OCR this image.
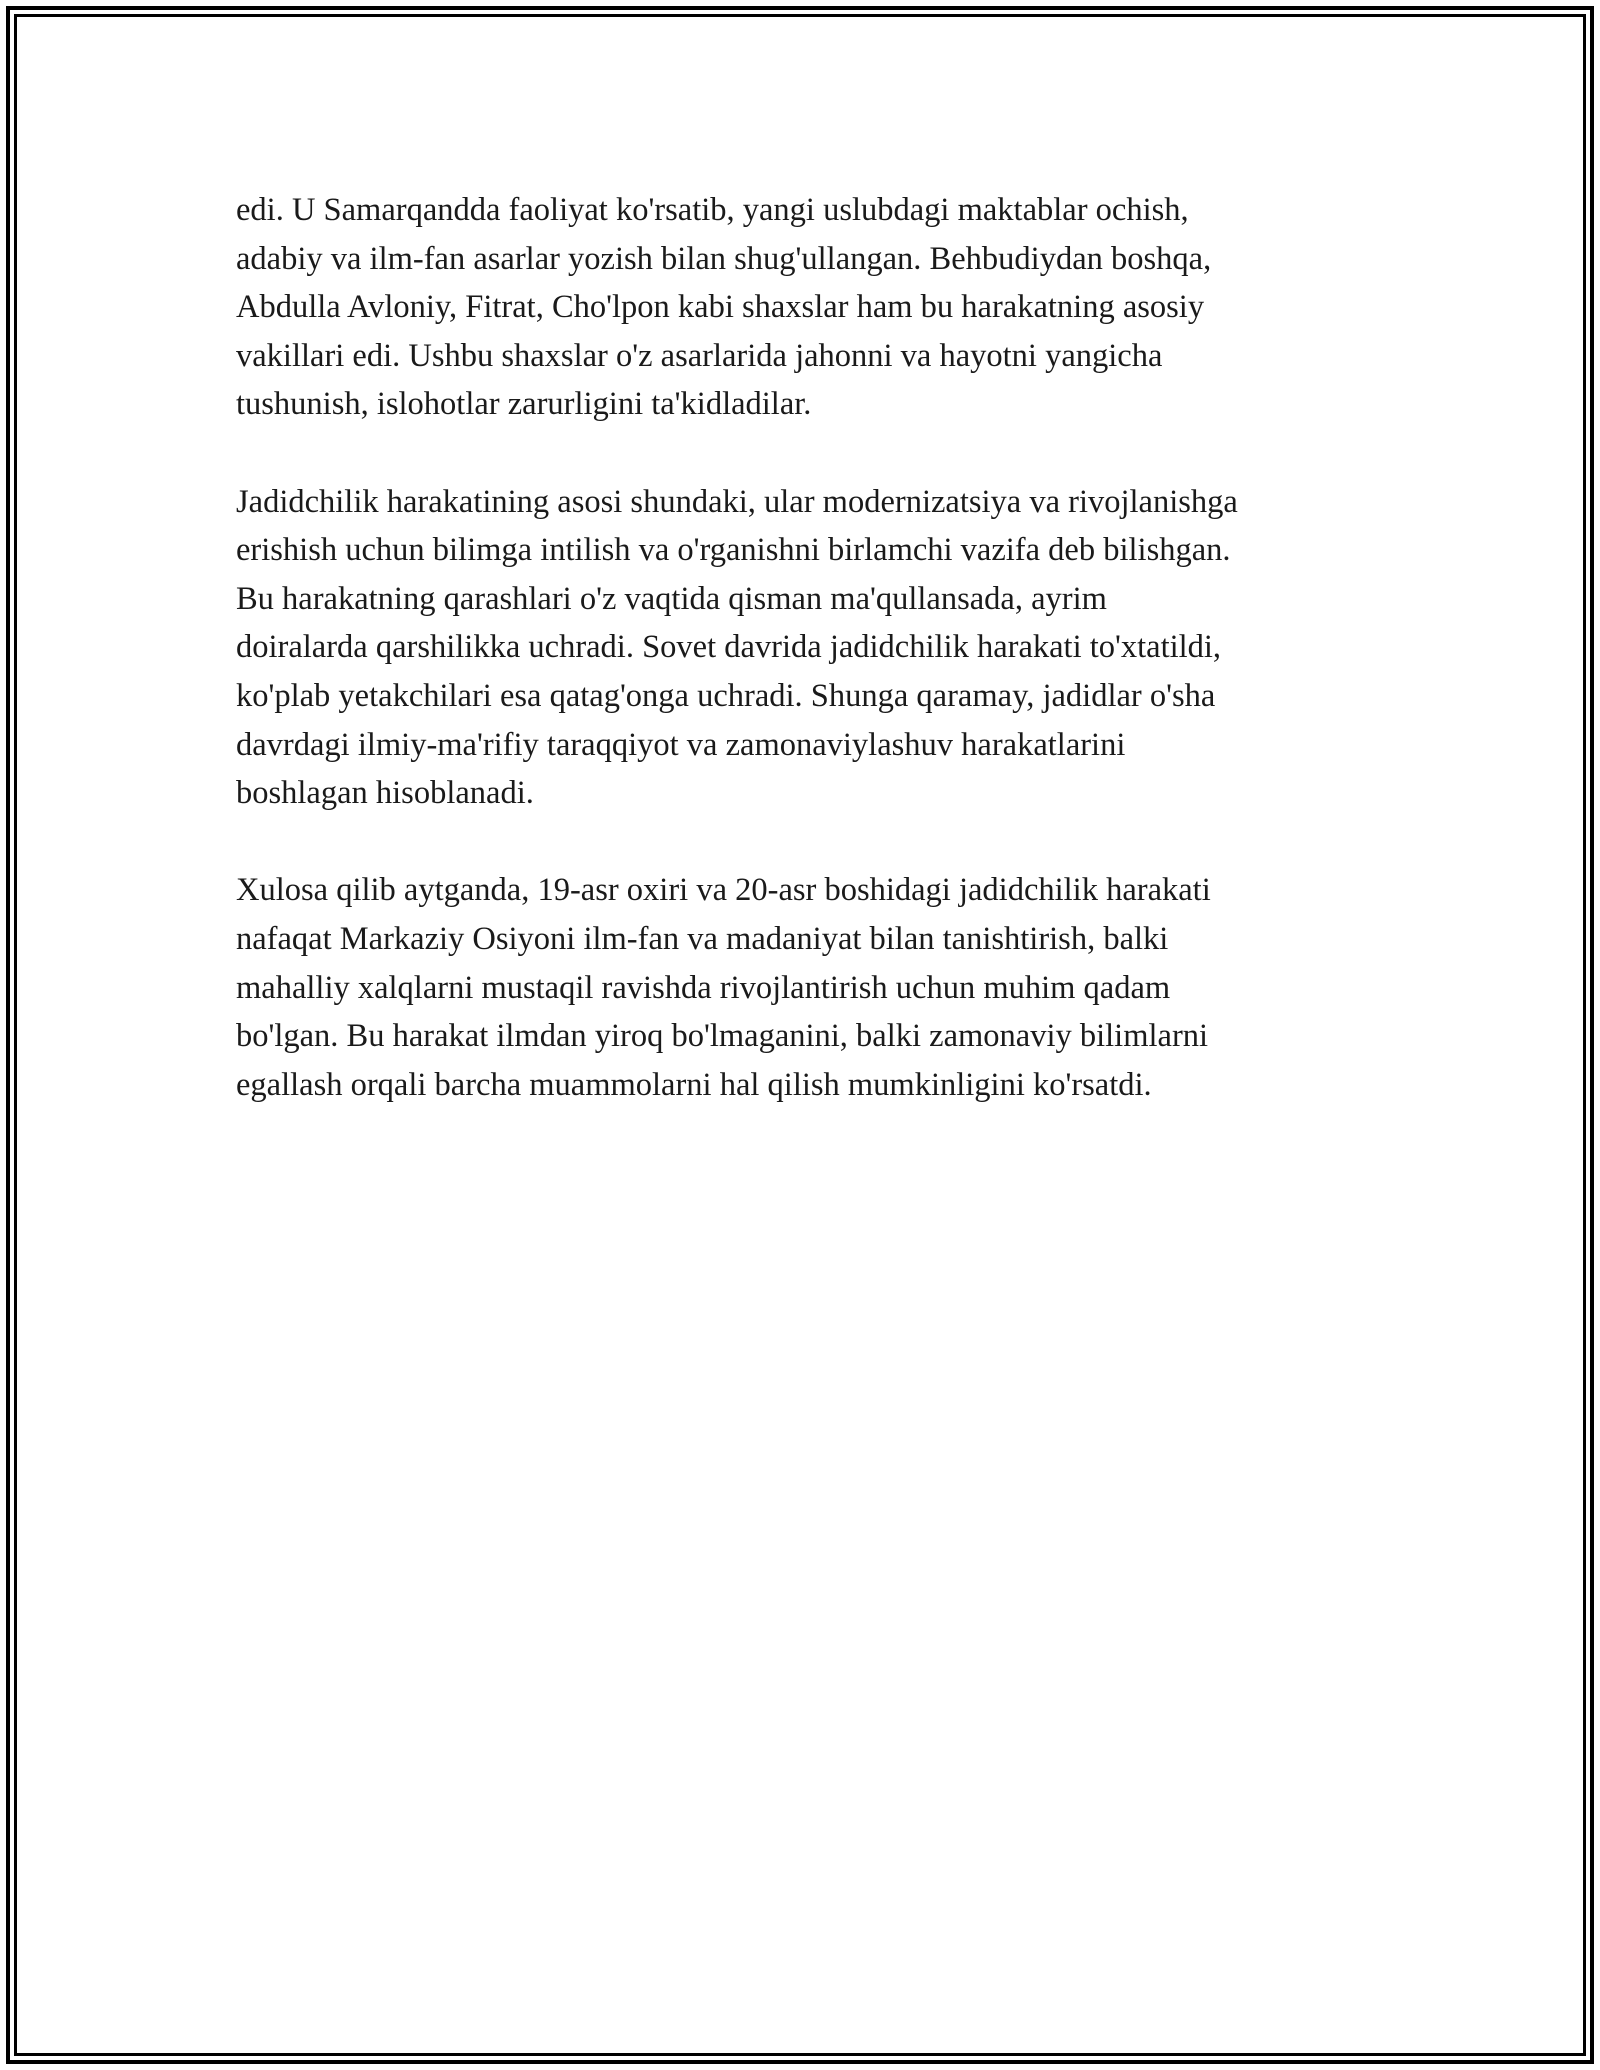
edi. U Samarqandda faoliyat ko'rsatib, yangi uslubdagi maktablar ochish,
adabiy va ilm-fan asarlar yozish bilan shug'ullangan. Behbudiydan boshqa,
Abdulla Avloniy, Fitrat, Cho'lpon kabi shaxslar ham bu harakatning asosiy
vakillari edi. Ushbu shaxslar o'z asarlarida jahonni va hayotni yangicha
tushunish, islohotlar zarurligini ta'kidladilar.

Jadidchilik harakatining asosi shundaki, ular modernizatsiya va rivojlanishga
erishish uchun bilimga intilish va o'rganishni birlamchi vazifa deb bilishgan.
Bu harakatning qarashlari o'z vaqtida qisman ma'qullansada, ayrim
doiralarda qarshilikka uchradi. Sovet davrida jadidchilik harakati to'xtatildi,
ko'plab yetakchilari esa qatag'onga uchradi. Shunga qaramay, jadidlar o'sha
davrdagi ilmiy-ma'rifiy taraqqiyot va zamonaviylashuv harakatlarini
boshlagan hisoblanadi.

Xulosa qilib aytganda, 19-asr oxiri va 20-asr boshidagi jadidchilik harakati
nafaqat Markaziy Osiyoni ilm-fan va madaniyat bilan tanishtirish, balki
mahalliy xalqlarni mustaqil ravishda rivojlantirish uchun muhim qadam
bo'lgan. Bu harakat ilmdan yiroq bo'lmaganini, balki zamonaviy bilimlarni
egallash orqali barcha muammolarni hal qilish mumkinligini ko'rsatdi.
